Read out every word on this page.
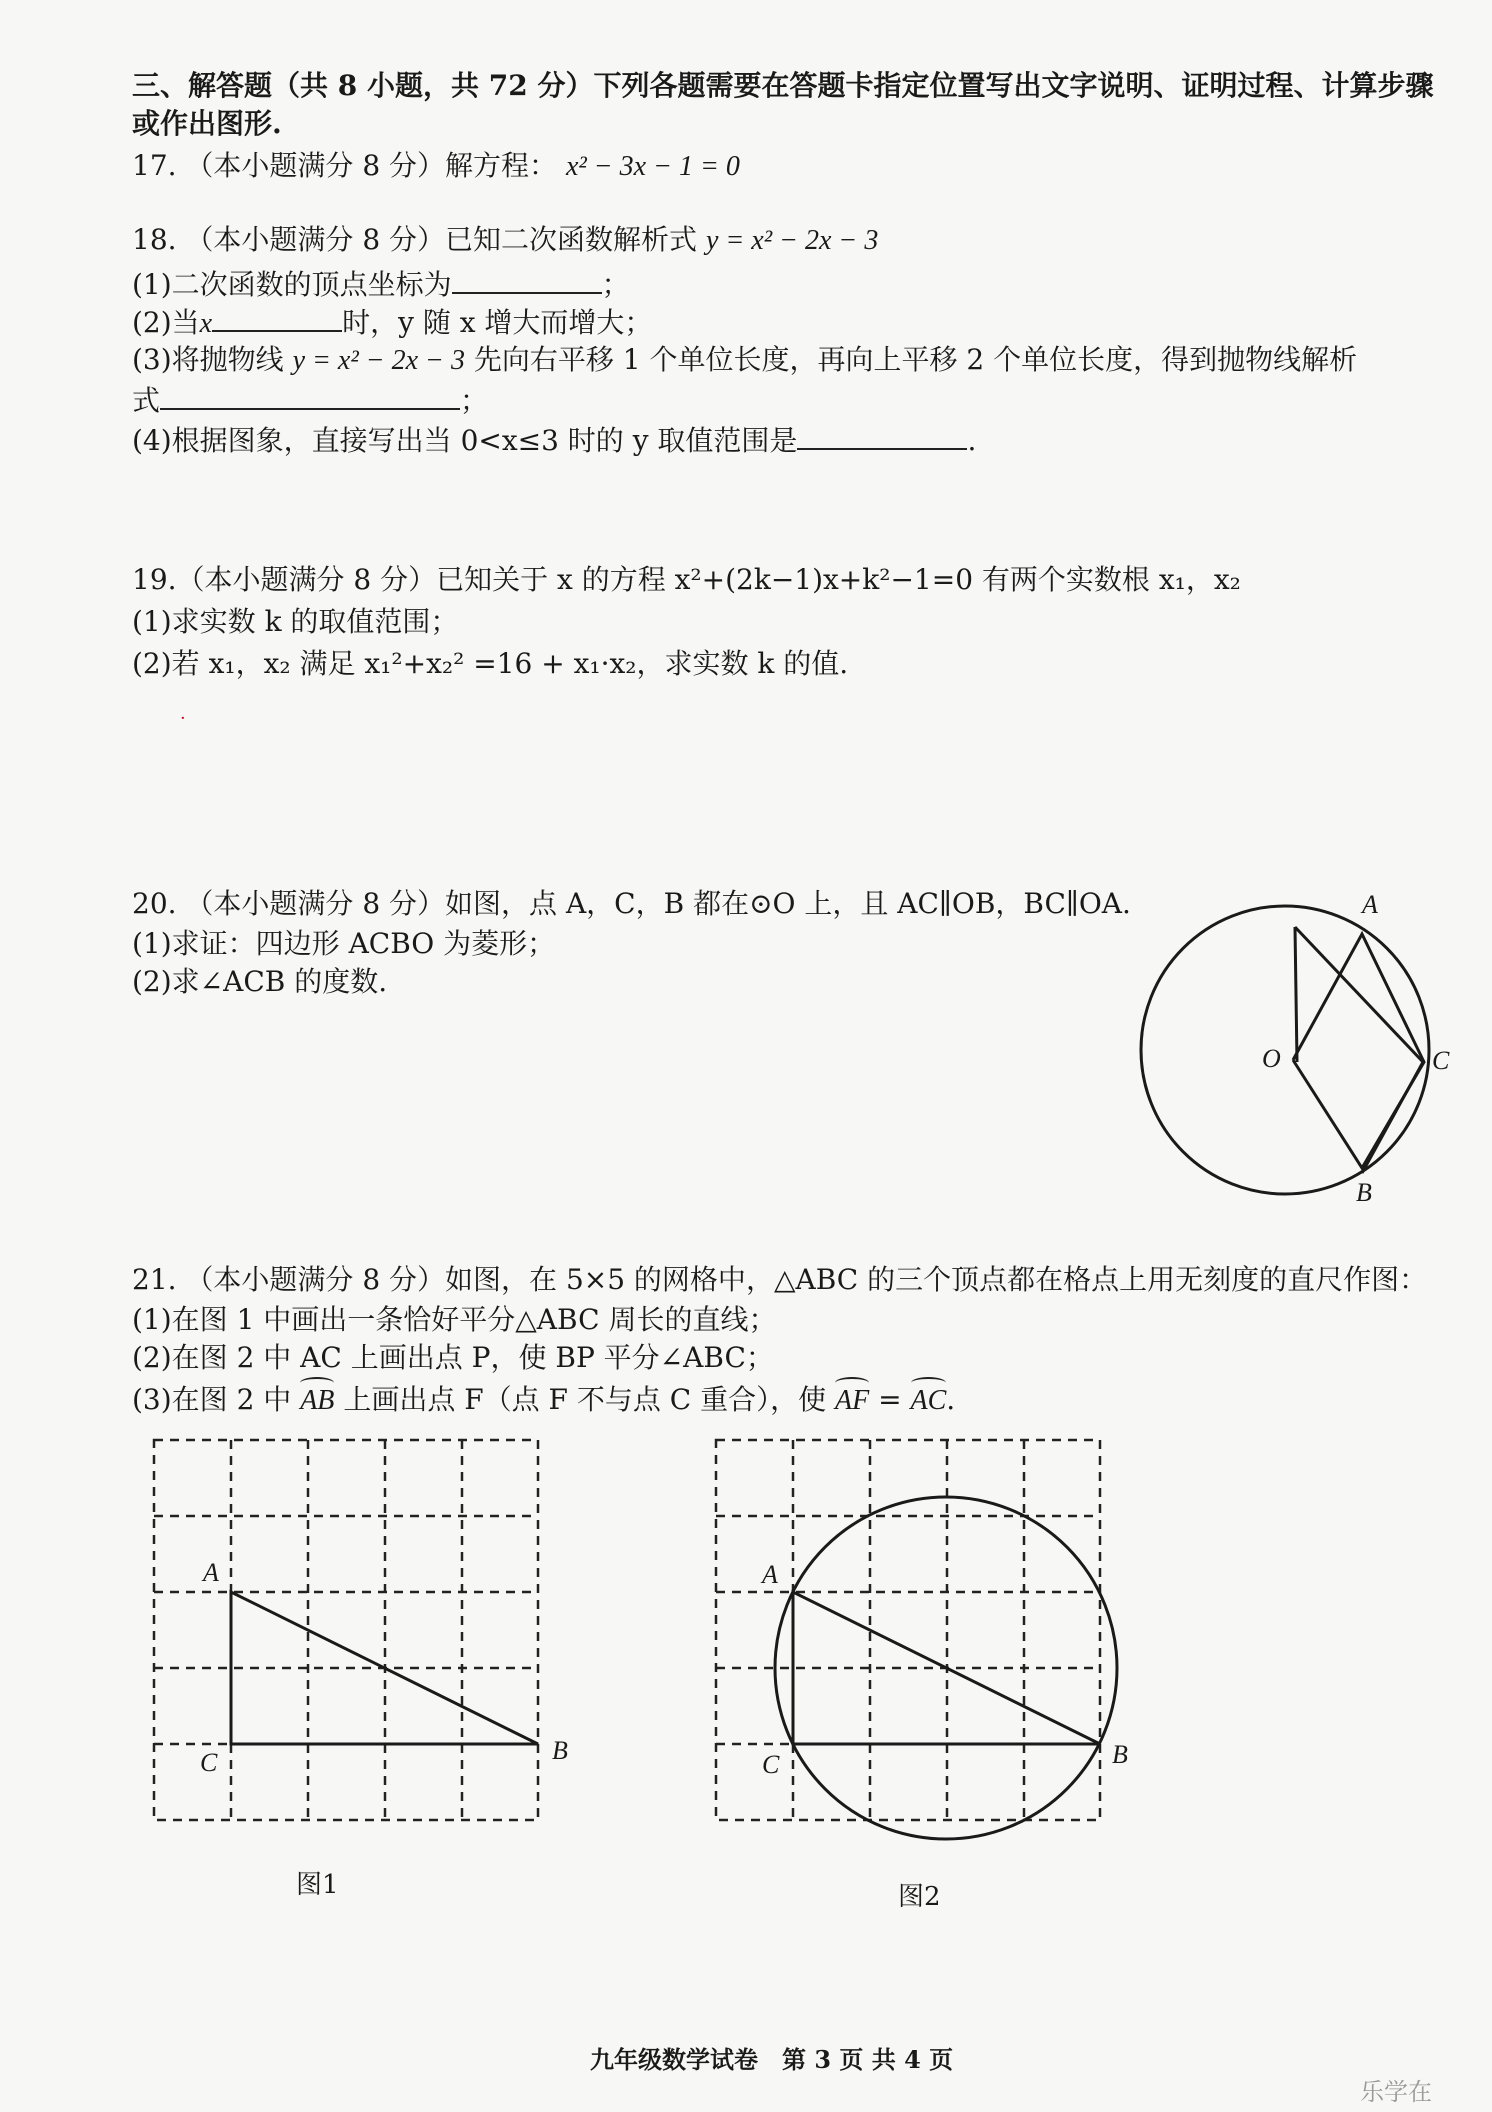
三、解答题（共 8 小题，共 72 分）下列各题需要在答题卡指定位置写出文字说明、证明过程、计算步骤
或作出图形.
17. （本小题满分 8 分）解方程： x² − 3x − 1 = 0
18. （本小题满分 8 分）已知二次函数解析式 y = x² − 2x − 3
(1)二次函数的顶点坐标为	；
(2)当x	时，y 随 x 增大而增大；
(3)将抛物线 y = x² − 2x − 3 先向右平移 1 个单位长度，再向上平移 2 个单位长度，得到抛物线解析
式	；
(4)根据图象，直接写出当 0<x≤3 时的 y 取值范围是	.
19.（本小题满分 8 分）已知关于 x 的方程 x²+(2k−1)x+k²−1=0 有两个实数根 x₁，x₂
(1)求实数 k 的取值范围；
(2)若 x₁，x₂ 满足 x₁²+x₂² =16 + x₁·x₂，求实数 k 的值.
·
20. （本小题满分 8 分）如图，点 A，C，B 都在⊙O 上，且 AC∥OB，BC∥OA.
(1)求证：四边形 ACBO 为菱形；
(2)求∠ACB 的度数.
A
O	C
B
21. （本小题满分 8 分）如图，在 5×5 的网格中，△ABC 的三个顶点都在格点上用无刻度的直尺作图：
(1)在图 1 中画出一条恰好平分△ABC 周长的直线；
(2)在图 2 中 AC 上画出点 P，使 BP 平分∠ABC；
(3)在图 2 中 AB 上画出点 F（点 F 不与点 C 重合），使 AF = AC.
A
C	B
图1
A
C	B
图2
九年级数学试卷　第 3 页 共 4 页
乐学在
